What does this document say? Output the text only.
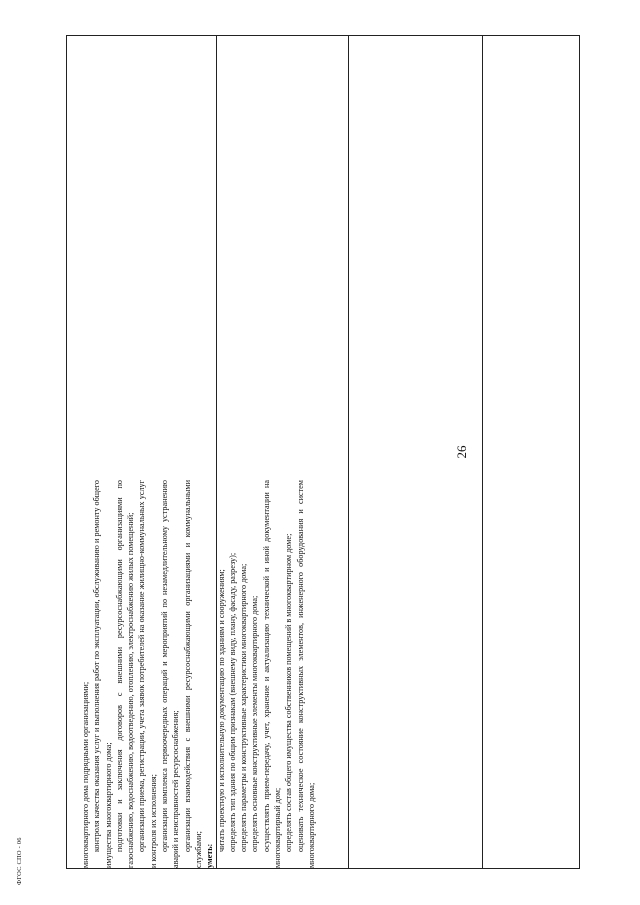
26

многоквартирного дома подрядными организациями; контроля качества оказания услуг и выполнения работ по эксплуатации, обслуживанию и ремонту общего имущества многоквартирного дома; подготовки и заключения договоров с внешними ресурсоснабжающими организациями по газоснабжению, водоснабжению, водоотведению, отоплению, электроснабжению жилых помещений; организации приема, регистрации, учета заявок потребителей на оказание жилищно-коммунальных услуг и контроля их исполнения; организации комплекса первоочередных операций и мероприятий по незамедлительному устранению аварий и неисправностей ресурсоснабжения; организации взаимодействия с внешними ресурсоснабжающими организациями и коммунальными службами; уметь:

читать проектную и исполнительную документацию по зданиям и сооружениям; определять тип здания по общим признакам (внешнему виду, плану, фасаду, разрезу); определять параметры и конструктивные характеристики многоквартирного дома; определять основные конструктивные элементы многоквартирного дома; осуществлять прием-передачу, учет, хранение и актуализацию технической и иной документации на многоквартирный дом; определять состав общего имущества собственников помещений в многоквартирном доме; оценивать техническое состояние конструктивных элементов, инженерного оборудования и систем многоквартирного дома;

ФГОС СПО - 06
